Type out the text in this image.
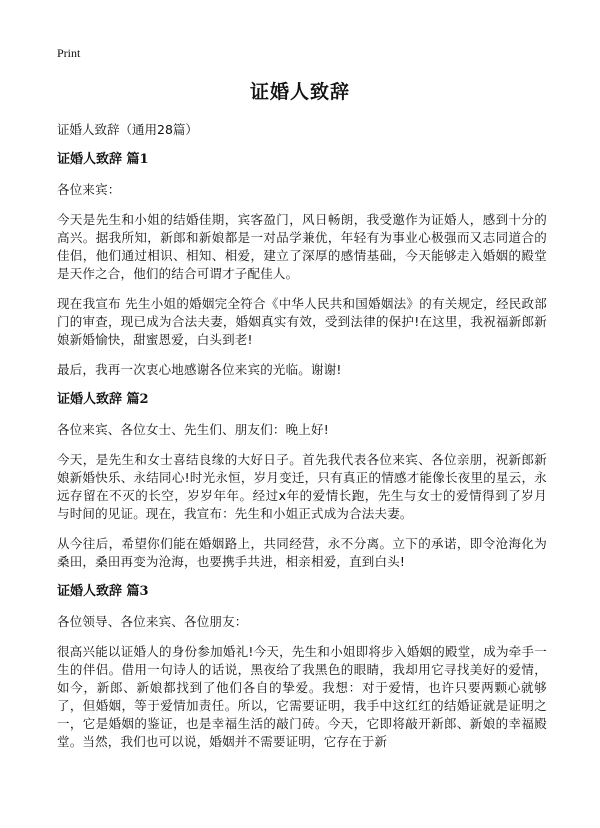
Print
证婚人致辞

证婚人致辞（通用28篇）

证婚人致辞 篇1

各位来宾：

今天是先生和小姐的结婚佳期，宾客盈门，风日畅朗，我受邀作为证婚人，感到十分的高兴。据我所知，新郎和新娘都是一对品学兼优，年轻有为事业心极强而又志同道合的佳侣，他们通过相识、相知、相爱，建立了深厚的感情基础，今天能够走入婚姻的殿堂是天作之合，他们的结合可谓才子配佳人。

现在我宣布 先生小姐的婚姻完全符合《中华人民共和国婚姻法》的有关规定，经民政部门的审查，现已成为合法夫妻，婚姻真实有效，受到法律的保护!在这里，我祝福新郎新娘新婚愉快，甜蜜恩爱，白头到老!

最后，我再一次衷心地感谢各位来宾的光临。谢谢!

证婚人致辞 篇2

各位来宾、各位女士、先生们、朋友们：晚上好!

今天，是先生和女士喜结良缘的大好日子。首先我代表各位来宾、各位亲朋，祝新郎新娘新婚快乐、永结同心!时光永恒，岁月变迁，只有真正的情感才能像长夜里的星云，永远存留在不灭的长空，岁岁年年。经过x年的爱情长跑，先生与女士的爱情得到了岁月与时间的见证。现在，我宣布：先生和小姐正式成为合法夫妻。

从今往后，希望你们能在婚姻路上，共同经营，永不分离。立下的承诺，即令沧海化为桑田，桑田再变为沧海，也要携手共进，相亲相爱，直到白头!

证婚人致辞 篇3

各位领导、各位来宾、各位朋友：

很高兴能以证婚人的身份参加婚礼!今天，先生和小姐即将步入婚姻的殿堂，成为牵手一生的伴侣。借用一句诗人的话说，黑夜给了我黑色的眼睛，我却用它寻找美好的爱情，如今，新郎、新娘都找到了他们各自的挚爱。我想：对于爱情，也许只要两颗心就够了，但婚姻，等于爱情加责任。所以，它需要证明，我手中这红红的结婚证就是证明之一，它是婚姻的鉴证，也是幸福生活的敲门砖。今天，它即将敲开新郎、新娘的幸福殿堂。当然，我们也可以说，婚姻并不需要证明，它存在于新
